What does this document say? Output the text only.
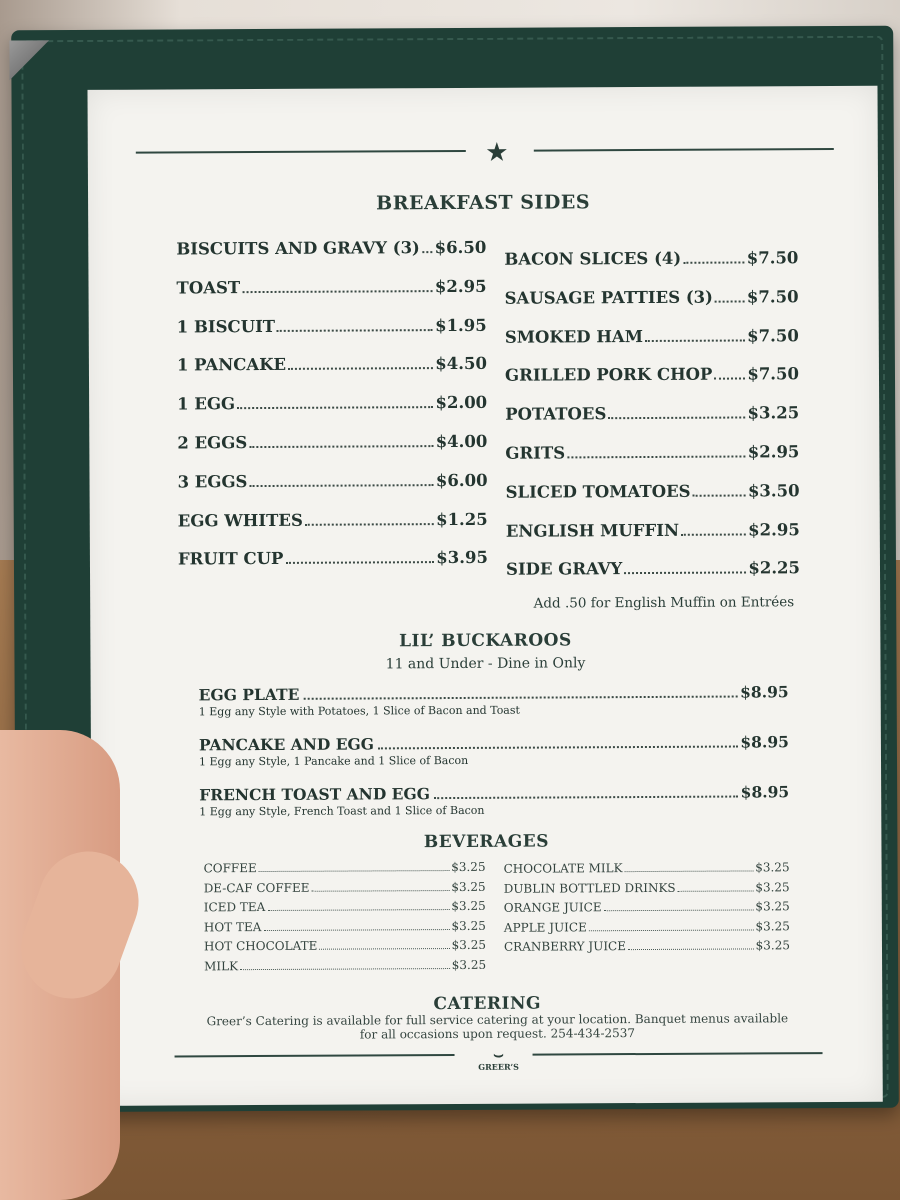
★
BREAKFAST SIDES
BISCUITS AND GRAVY (3) $6.50
TOAST	$2.95
1 BISCUIT	$1.95
1 PANCAKE	$4.50
1 EGG	$2.00
2 EGGS	$4.00
3 EGGS	$6.00
EGG WHITES	$1.25
FRUIT CUP	$3.95
BACON SLICES (4)	$7.50
SAUSAGE PATTIES (3) $7.50
SMOKED HAM	$7.50
GRILLED PORK CHOP $7.50
POTATOES	$3.25
GRITS	$2.95
SLICED TOMATOES	$3.50
ENGLISH MUFFIN	$2.95
SIDE GRAVY	$2.25
Add .50 for English Muffin on Entrées
LIL’ BUCKAROOS
11 and Under - Dine in Only
EGG PLATE	$8.95
1 Egg any Style with Potatoes, 1 Slice of Bacon and Toast
PANCAKE AND EGG	$8.95
1 Egg any Style, 1 Pancake and 1 Slice of Bacon
FRENCH TOAST AND EGG	$8.95
1 Egg any Style, French Toast and 1 Slice of Bacon
BEVERAGES
COFFEE	$3.25
DE-CAF COFFEE	$3.25
ICED TEA	$3.25
HOT TEA	$3.25
HOT CHOCOLATE	$3.25
MILK	$3.25
CHOCOLATE MILK	$3.25
DUBLIN BOTTLED DRINKS	$3.25
ORANGE JUICE	$3.25
APPLE JUICE	$3.25
CRANBERRY JUICE	$3.25
CATERING
Greer’s Catering is available for full service catering at your location. Banquet menus available
for all occasions upon request. 254-434-2537
⌣
GREER’S
